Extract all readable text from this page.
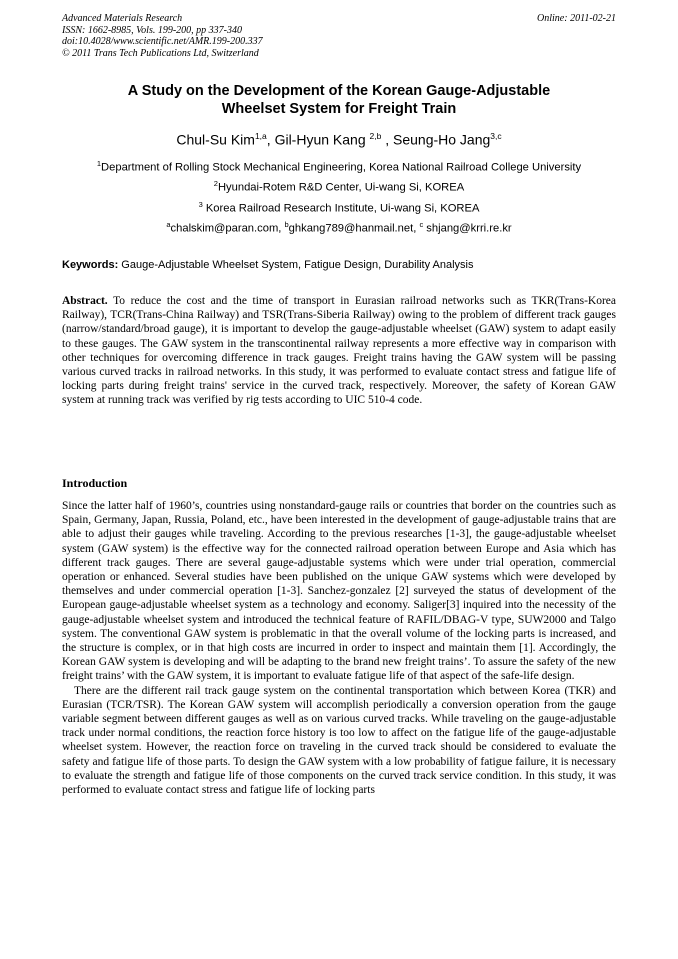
Advanced Materials Research
ISSN: 1662-8985, Vols. 199-200, pp 337-340
doi:10.4028/www.scientific.net/AMR.199-200.337
© 2011 Trans Tech Publications Ltd, Switzerland
Online: 2011-02-21
A Study on the Development of the Korean Gauge-Adjustable
Wheelset System for Freight Train
Chul-Su Kim$^{1,a}$, Gil-Hyun Kang $^{2,b}$ , Seung-Ho Jang$^{3,c}$
$^1$Department of Rolling Stock Mechanical Engineering, Korea National Railroad College University
$^2$Hyundai-Rotem R&D Center, Ui-wang Si, KOREA
$^3$ Korea Railroad Research Institute, Ui-wang Si, KOREA
$^a$chalskim@paran.com, $^b$ghkang789@hanmail.net, $^c$ shjang@krri.re.kr
Keywords: Gauge-Adjustable Wheelset System, Fatigue Design, Durability Analysis
Abstract. To reduce the cost and the time of transport in Eurasian railroad networks such as TKR(Trans-Korea Railway), TCR(Trans-China Railway) and TSR(Trans-Siberia Railway) owing to the problem of different track gauges (narrow/standard/broad gauge), it is important to develop the gauge-adjustable wheelset (GAW) system to adapt easily to these gauges. The GAW system in the transcontinental railway represents a more effective way in comparison with other techniques for overcoming difference in track gauges. Freight trains having the GAW system will be passing various curved tracks in railroad networks. In this study, it was performed to evaluate contact stress and fatigue life of locking parts during freight trains' service in the curved track, respectively. Moreover, the safety of Korean GAW system at running track was verified by rig tests according to UIC 510-4 code.
Introduction

Since the latter half of 1960’s, countries using nonstandard-gauge rails or countries that border on the countries such as Spain, Germany, Japan, Russia, Poland, etc., have been interested in the development of gauge-adjustable trains that are able to adjust their gauges while traveling. According to the previous researches [1-3], the gauge-adjustable wheelset system (GAW system) is the effective way for the connected railroad operation between Europe and Asia which has different track gauges. There are several gauge-adjustable systems which were under trial operation, commercial operation or enhanced. Several studies have been published on the unique GAW systems which were developed by themselves and under commercial operation [1-3]. Sanchez-gonzalez [2] surveyed the status of development of the European gauge-adjustable wheelset system as a technology and economy. Saliger[3] inquired into the necessity of the gauge-adjustable wheelset system and introduced the technical feature of RAFIL/DBAG-V type, SUW2000 and Talgo system. The conventional GAW system is problematic in that the overall volume of the locking parts is increased, and the structure is complex, or in that high costs are incurred in order to inspect and maintain them [1]. Accordingly, the Korean GAW system is developing and will be adapting to the brand new freight trains’. To assure the safety of the new freight trains’ with the GAW system, it is important to evaluate fatigue life of that aspect of the safe-life design.

There are the different rail track gauge system on the continental transportation which between Korea (TKR) and Eurasian (TCR/TSR). The Korean GAW system will accomplish periodically a conversion operation from the gauge variable segment between different gauges as well as on various curved tracks. While traveling on the gauge-adjustable track under normal conditions, the reaction force history is too low to affect on the fatigue life of the gauge-adjustable wheelset system. However, the reaction force on traveling in the curved track should be considered to evaluate the safety and fatigue life of those parts. To design the GAW system with a low probability of fatigue failure, it is necessary to evaluate the strength and fatigue life of those components on the curved track service condition. In this study, it was performed to evaluate contact stress and fatigue life of locking parts
